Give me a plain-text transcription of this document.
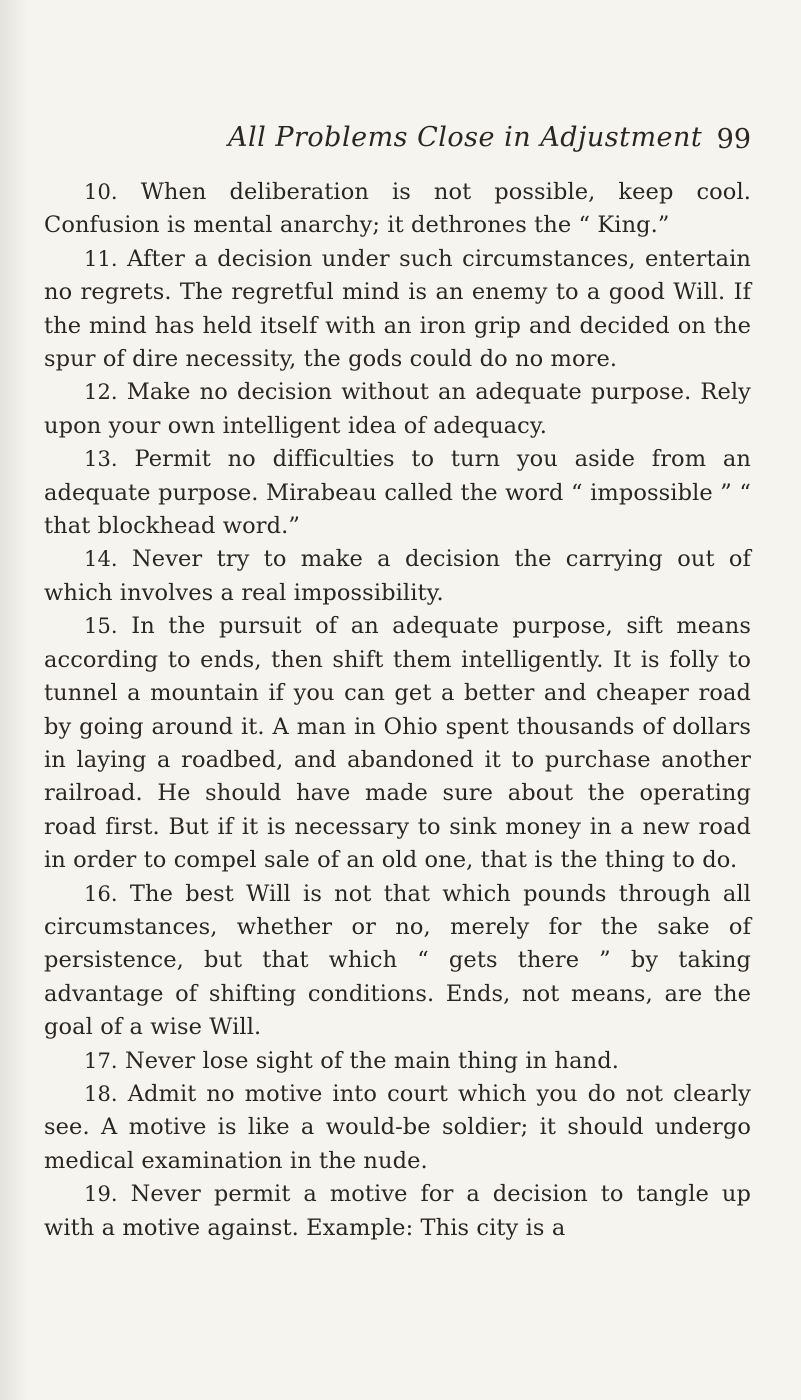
All Problems Close in Adjustment 99

10. When deliberation is not possible, keep cool. Confusion is mental anarchy; it dethrones the “ King.”

11. After a decision under such circumstances, entertain no regrets. The regretful mind is an enemy to a good Will. If the mind has held itself with an iron grip and decided on the spur of dire necessity, the gods could do no more.

12. Make no decision without an adequate purpose. Rely upon your own intelligent idea of adequacy.

13. Permit no difficulties to turn you aside from an adequate purpose. Mirabeau called the word “ impossible ” “ that blockhead word.”

14. Never try to make a decision the carrying out of which involves a real impossibility.

15. In the pursuit of an adequate purpose, sift means according to ends, then shift them intelligently. It is folly to tunnel a mountain if you can get a better and cheaper road by going around it. A man in Ohio spent thousands of dollars in laying a roadbed, and abandoned it to purchase another railroad. He should have made sure about the operating road first. But if it is necessary to sink money in a new road in order to compel sale of an old one, that is the thing to do.

16. The best Will is not that which pounds through all circumstances, whether or no, merely for the sake of persistence, but that which “ gets there ” by taking advantage of shifting conditions. Ends, not means, are the goal of a wise Will.

17. Never lose sight of the main thing in hand.

18. Admit no motive into court which you do not clearly see. A motive is like a would-be soldier; it should undergo medical examination in the nude.

19. Never permit a motive for a decision to tangle up with a motive against. Example: This city is a
